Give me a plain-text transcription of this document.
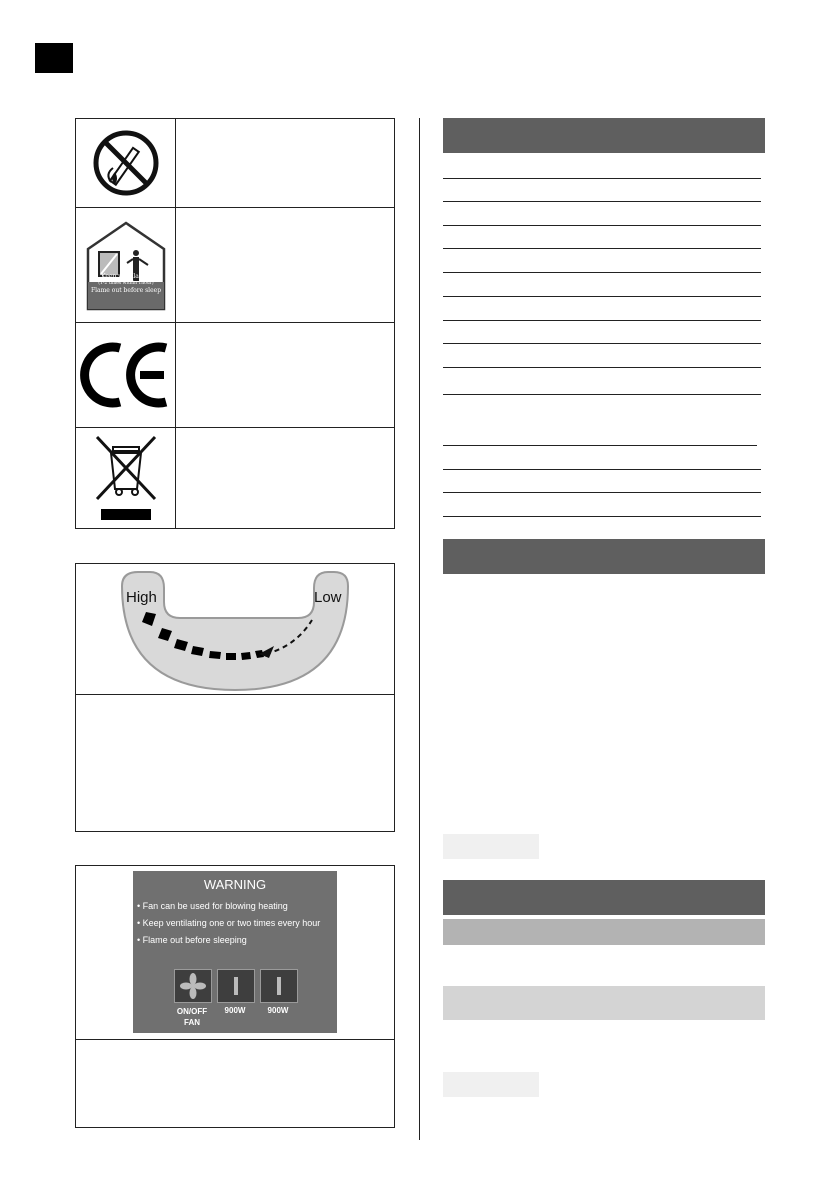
Keep ventilating
(1-2 times within 1hour)
Flame out before sleep
High	Low
WARNING
• Fan can be used for blowing heating
• Keep ventilating one or two times every hour
• Flame out before sleeping
ON/OFF
FAN
900W	900W
